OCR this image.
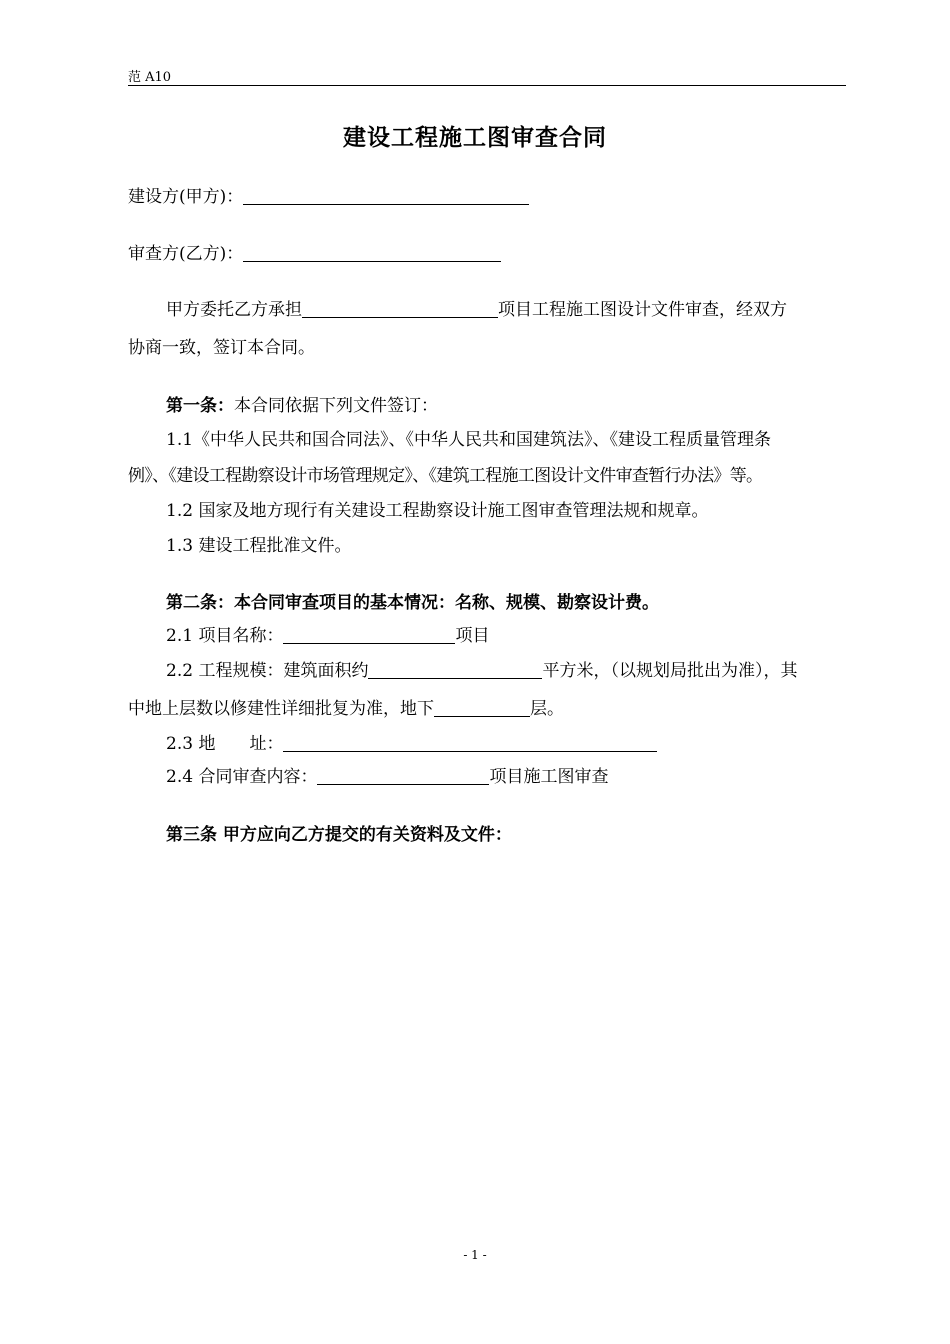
范 A10
建设工程施工图审查合同
建设方(甲方)：
审查方(乙方)：
甲方委托乙方承担	项目工程施工图设计文件审查，经双方
协商一致，签订本合同。
第一条：本合同依据下列文件签订：
1.1《中华人民共和国合同法》、《中华人民共和国建筑法》、《建设工程质量管理条
例》、《建设工程勘察设计市场管理规定》、《建筑工程施工图设计文件审查暂行办法》等。
1.2 国家及地方现行有关建设工程勘察设计施工图审查管理法规和规章。
1.3 建设工程批准文件。
第二条：本合同审查项目的基本情况：名称、规模、勘察设计费。
2.1 项目名称：	项目
2.2 工程规模：建筑面积约	平方米，（以规划局批出为准），其
中地上层数以修建性详细批复为准，地下	层。
2.3 地　　址：
2.4 合同审查内容：	项目施工图审查
第三条 甲方应向乙方提交的有关资料及文件：
- 1 -
